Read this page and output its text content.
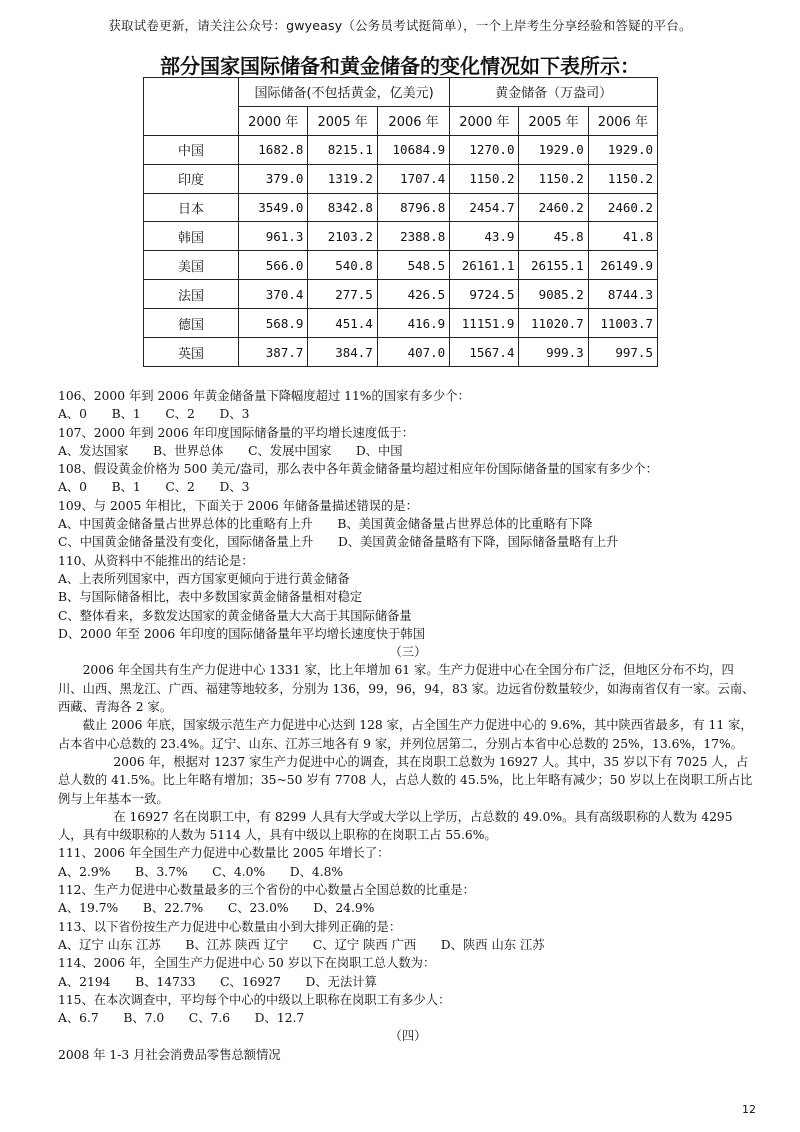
获取试卷更新，请关注公众号：gwyeasy（公务员考试挺简单），一个上岸考生分享经验和答疑的平台。
部分国家国际储备和黄金储备的变化情况如下表所示：
	国际储备(不包括黄金，亿美元)			黄金储备（万盎司）		
	2000 年	2005 年	2006 年	2000 年	2005 年	2006 年
中国	1682.8	8215.1	10684.9	1270.0	1929.0	1929.0
印度	379.0	1319.2	1707.4	1150.2	1150.2	1150.2
日本	3549.0	8342.8	8796.8	2454.7	2460.2	2460.2
韩国	961.3	2103.2	2388.8	43.9	45.8	41.8
美国	566.0	540.8	548.5	26161.1	26155.1	26149.9
法国	370.4	277.5	426.5	9724.5	9085.2	8744.3
德国	568.9	451.4	416.9	11151.9	11020.7	11003.7
英国	387.7	384.7	407.0	1567.4	999.3	997.5

106、2000 年到 2006 年黄金储备量下降幅度超过 11%的国家有多少个：

A、0　　B、1　　C、2　　D、3

107、2000 年到 2006 年印度国际储备量的平均增长速度低于：

A、发达国家　　B、世界总体　　C、发展中国家　　D、中国

108、假设黄金价格为 500 美元/盎司，那么表中各年黄金储备量均超过相应年份国际储备量的国家有多少个：

A、0　　B、1　　C、2　　D、3

109、与 2005 年相比，下面关于 2006 年储备量描述错误的是：

A、中国黄金储备量占世界总体的比重略有上升　　B、美国黄金储备量占世界总体的比重略有下降

C、中国黄金储备量没有变化，国际储备量上升　　D、美国黄金储备量略有下降，国际储备量略有上升

110、从资料中不能推出的结论是：

A、上表所列国家中，西方国家更倾向于进行黄金储备

B、与国际储备相比，表中多数国家黄金储备量相对稳定

C、整体看来，多数发达国家的黄金储备量大大高于其国际储备量

D、2000 年至 2006 年印度的国际储备量年平均增长速度快于韩国

（三）

2006 年全国共有生产力促进中心 1331 家，比上年增加 61 家。生产力促进中心在全国分布广泛，但地区分布不均，四川、山西、黑龙江、广西、福建等地较多，分别为 136，99，96，94，83 家。边远省份数量较少，如海南省仅有一家。云南、西藏、青海各 2 家。

截止 2006 年底，国家级示范生产力促进中心达到 128 家，占全国生产力促进中心的 9.6%，其中陕西省最多，有 11 家，占本省中心总数的 23.4%。辽宁、山东、江苏三地各有 9 家，并列位居第二，分别占本省中心总数的 25%，13.6%，17%。

2006 年，根据对 1237 家生产力促进中心的调查，其在岗职工总数为 16927 人。其中，35 岁以下有 7025 人，占总人数的 41.5%。比上年略有增加；35~50 岁有 7708 人，占总人数的 45.5%，比上年略有减少；50 岁以上在岗职工所占比例与上年基本一致。

在 16927 名在岗职工中，有 8299 人具有大学或大学以上学历，占总数的 49.0%。具有高级职称的人数为 4295 人，具有中级职称的人数为 5114 人，具有中级以上职称的在岗职工占 55.6%。

111、2006 年全国生产力促进中心数量比 2005 年增长了：

A、2.9%　　B、3.7%　　C、4.0%　　D、4.8%

112、生产力促进中心数量最多的三个省份的中心数量占全国总数的比重是：

A、19.7%　　B、22.7%　　C、23.0%　　D、24.9%

113、以下省份按生产力促进中心数量由小到大排列正确的是：

A、辽宁 山东 江苏　　B、江苏 陕西 辽宁　　C、辽宁 陕西 广西　　D、陕西 山东 江苏

114、2006 年，全国生产力促进中心 50 岁以下在岗职工总人数为：

A、2194　　B、14733　　C、16927　　D、无法计算

115、在本次调查中，平均每个中心的中级以上职称在岗职工有多少人：

A、6.7　　B、7.0　　C、7.6　　D、12.7

（四）

2008 年 1-3 月社会消费品零售总额情况

12
